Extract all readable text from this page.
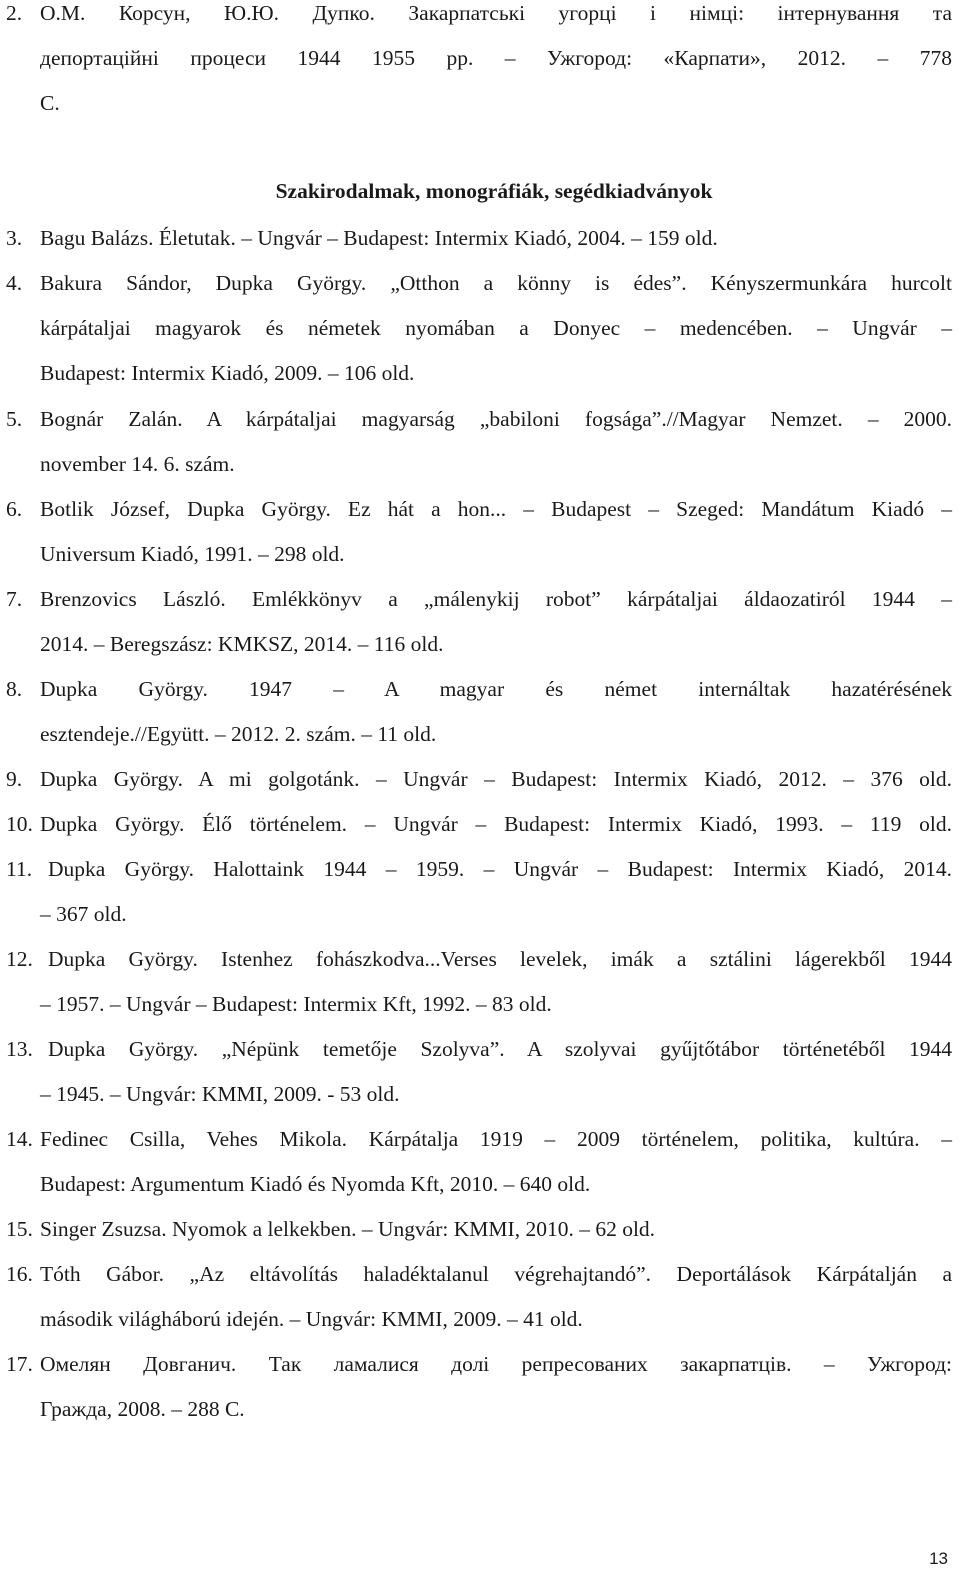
2. О.М. Корсун, Ю.Ю. Дупко. Закарпатські угорці і німці: інтернування та
депортаційні процеси 1944 1955 рр. – Ужгород: «Карпати», 2012. – 778
С.
Szakirodalmak, monográfiák, segédkiadványok
3. Bagu Balázs. Életutak. – Ungvár – Budapest: Intermix Kiadó, 2004. – 159 old.
4. Bakura Sándor, Dupka György. „Otthon a könny is édes”. Kényszermunkára hurcolt
kárpátaljai magyarok és németek nyomában a Donyec – medencében. – Ungvár –
Budapest: Intermix Kiadó, 2009. – 106 old.
5. Bognár Zalán. A kárpátaljai magyarság „babiloni fogsága”.//Magyar Nemzet. – 2000.
november 14. 6. szám.
6. Botlik József, Dupka György. Ez hát a hon... – Budapest – Szeged: Mandátum Kiadó –
Universum Kiadó, 1991. – 298 old.
7. Brenzovics László. Emlékkönyv a „málenykij robot” kárpátaljai áldaozatiról 1944 –
2014. – Beregszász: KMKSZ, 2014. – 116 old.
8. Dupka György. 1947 – A magyar és német internáltak hazatérésének
esztendeje.//Együtt. – 2012. 2. szám. – 11 old.
9. Dupka György. A mi golgotánk. – Ungvár – Budapest: Intermix Kiadó, 2012. – 376 old.
10. Dupka György. Élő történelem. – Ungvár – Budapest: Intermix Kiadó, 1993. – 119 old.
11. Dupka György. Halottaink 1944 – 1959. – Ungvár – Budapest: Intermix Kiadó, 2014.
– 367 old.
12. Dupka György. Istenhez fohászkodva...Verses levelek, imák a sztálini lágerekből 1944
– 1957. – Ungvár – Budapest: Intermix Kft, 1992. – 83 old.
13. Dupka György. „Népünk temetője Szolyva”. A szolyvai gyűjtőtábor történetéből 1944
– 1945. – Ungvár: KMMI, 2009. - 53 old.
14. Fedinec Csilla, Vehes Mikola. Kárpátalja 1919 – 2009 történelem, politika, kultúra. –
Budapest: Argumentum Kiadó és Nyomda Kft, 2010. – 640 old.
15. Singer Zsuzsa. Nyomok a lelkekben. – Ungvár: KMMI, 2010. – 62 old.
16. Tóth Gábor. „Az eltávolítás haladéktalanul végrehajtandó”. Deportálások Kárpátalján a
második világháború idején. – Ungvár: KMMI, 2009. – 41 old.
17. Омелян Довганич. Так ламалися долі репресованих закарпатців. – Ужгород:
Гражда, 2008. – 288 С.
13
